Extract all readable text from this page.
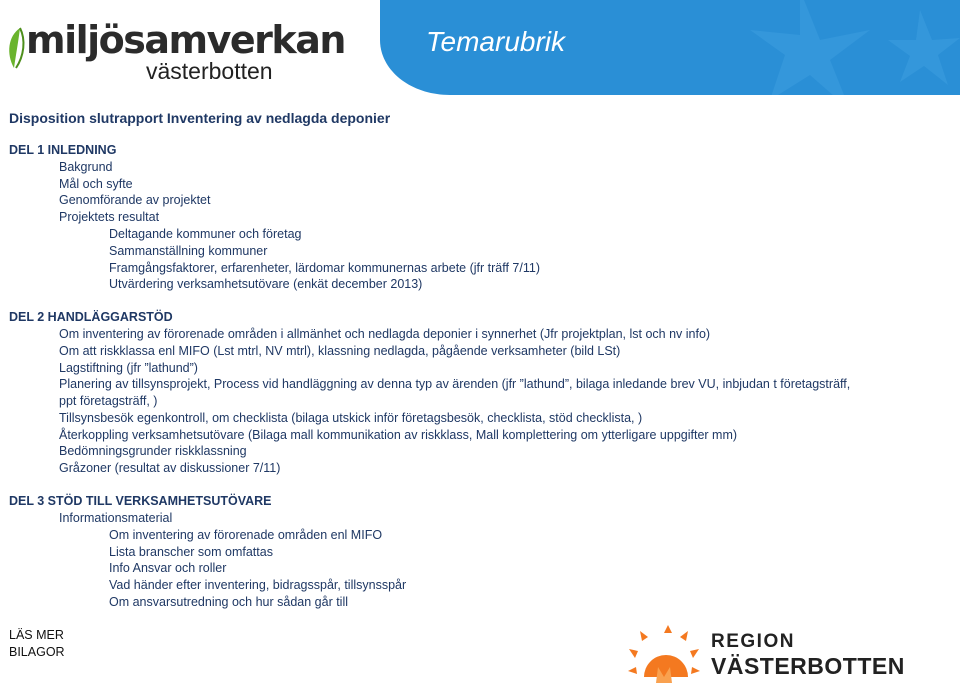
miljösamverkan
västerbotten
Temarubrik
Disposition slutrapport Inventering av nedlagda deponier
DEL 1 INLEDNING
Bakgrund
Mål och syfte
Genomförande av projektet
Projektets resultat
Deltagande kommuner och företag
Sammanställning kommuner
Framgångsfaktorer, erfarenheter, lärdomar kommunernas arbete (jfr träff 7/11)
Utvärdering verksamhetsutövare (enkät december 2013)
DEL 2 HANDLÄGGARSTÖD
Om inventering av förorenade områden i allmänhet och nedlagda deponier i synnerhet (Jfr projektplan, lst och nv info)
Om att riskklassa enl MIFO (Lst mtrl, NV mtrl), klassning nedlagda, pågående verksamheter (bild LSt)
Lagstiftning (jfr ”lathund”)
Planering av tillsynsprojekt, Process vid handläggning av denna typ av ärenden (jfr ”lathund”, bilaga inledande brev VU, inbjudan t företagsträff,
ppt företagsträff, )
Tillsynsbesök egenkontroll, om checklista (bilaga utskick inför företagsbesök, checklista, stöd checklista, )
Återkoppling verksamhetsutövare (Bilaga mall kommunikation av riskklass, Mall komplettering om ytterligare uppgifter mm)
Bedömningsgrunder riskklassning
Gråzoner (resultat av diskussioner 7/11)
DEL 3 STÖD TILL VERKSAMHETSUTÖVARE
Informationsmaterial
Om inventering av förorenade områden enl MIFO
Lista branscher som omfattas
Info Ansvar och roller
Vad händer efter inventering, bidragsspår, tillsynsspår
Om ansvarsutredning och hur sådan går till
LÄS MER
BILAGOR	REGION
VÄSTERBOTTEN
